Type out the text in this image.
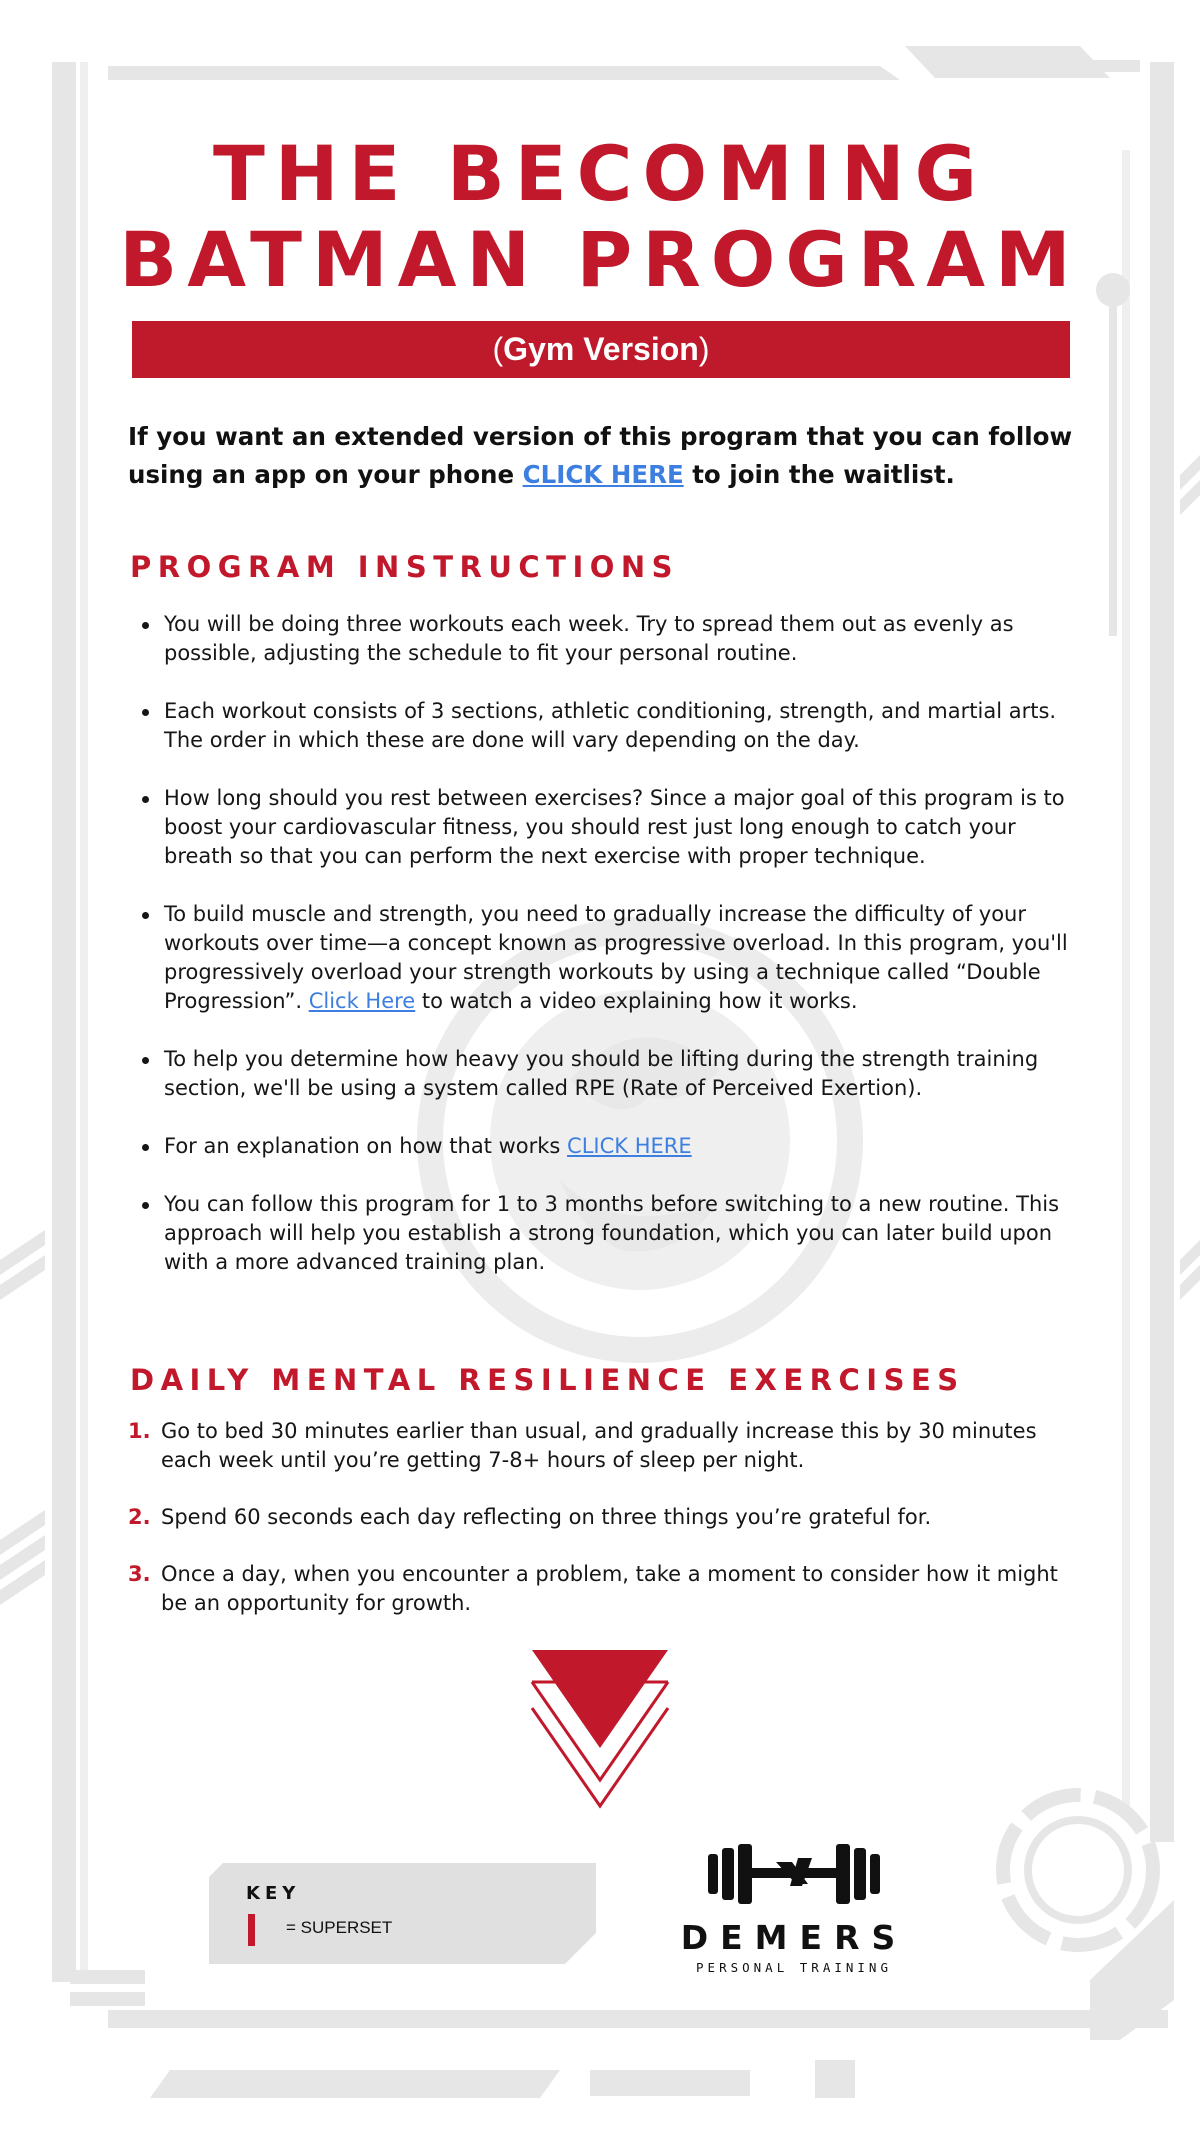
THE BECOMING
BATMAN PROGRAM
(Gym Version)

If you want an extended version of this program that you can follow using an app on your phone CLICK HERE to join the waitlist.

PROGRAM INSTRUCTIONS
You will be doing three workouts each week. Try to spread them out as evenly as possible, adjusting the schedule to fit your personal routine.
Each workout consists of 3 sections, athletic conditioning, strength, and martial arts. The order in which these are done will vary depending on the day.
How long should you rest between exercises? Since a major goal of this program is to boost your cardiovascular fitness, you should rest just long enough to catch your breath so that you can perform the next exercise with proper technique.
To build muscle and strength, you need to gradually increase the difficulty of your workouts over time—a concept known as progressive overload. In this program, you'll progressively overload your strength workouts by using a technique called “Double Progression”. Click Here to watch a video explaining how it works.
To help you determine how heavy you should be lifting during the strength training section, we'll be using a system called RPE (Rate of Perceived Exertion).
For an explanation on how that works CLICK HERE
You can follow this program for 1 to 3 months before switching to a new routine. This approach will help you establish a strong foundation, which you can later build upon with a more advanced training plan.
DAILY MENTAL RESILIENCE EXERCISES
1. Go to bed 30 minutes earlier than usual, and gradually increase this by 30 minutes each week until you’re getting 7-8+ hours of sleep per night.
2. Spend 60 seconds each day reflecting on three things you’re grateful for.
3. Once a day, when you encounter a problem, take a moment to consider how it might be an opportunity for growth.

KEY

= SUPERSET	DEMERS

PERSONAL TRAINING
